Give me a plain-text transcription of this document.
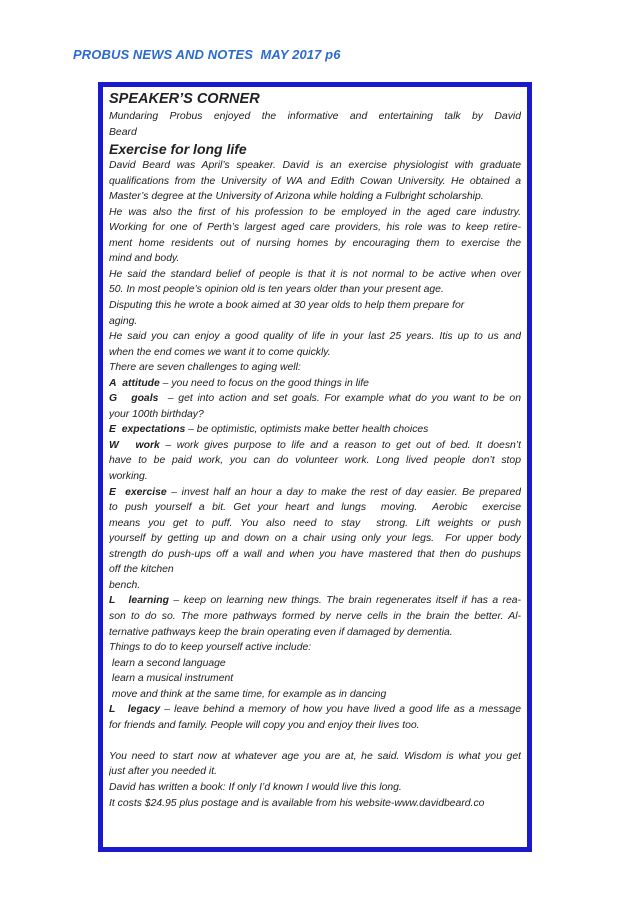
PROBUS NEWS AND NOTES  MAY 2017 p6
SPEAKER’S CORNER
Mundaring Probus enjoyed the informative and entertaining talk by David
Beard
Exercise for long life
David Beard was April’s speaker. David is an exercise physiologist with graduate
qualifications from the University of WA and Edith Cowan University. He obtained a
Master’s degree at the University of Arizona while holding a Fulbright scholarship.
He was also the first of his profession to be employed in the aged care industry.
Working for one of Perth’s largest aged care providers, his role was to keep retire-
ment home residents out of nursing homes by encouraging them to exercise the
mind and body.
He said the standard belief of people is that it is not normal to be active when over
50. In most people’s opinion old is ten years older than your present age.
Disputing this he wrote a book aimed at 30 year olds to help them prepare for
aging.
He said you can enjoy a good quality of life in your last 25 years. Itis up to us and
when the end comes we want it to come quickly.
There are seven challenges to aging well:
A  attitude – you need to focus on the good things in life
G   goals  – get into action and set goals. For example what do you want to be on
your 100th birthday?
E  expectations – be optimistic, optimists make better health choices
W   work – work gives purpose to life and a reason to get out of bed. It doesn’t
have to be paid work, you can do volunteer work. Long lived people don’t stop
working.
E  exercise – invest half an hour a day to make the rest of day easier. Be prepared
to push yourself a bit. Get your heart and lungs  moving.  Aerobic  exercise
means you get to puff. You also need to stay  strong. Lift weights or push
yourself by getting up and down on a chair using only your legs.  For upper body
strength do push-ups off a wall and when you have mastered that then do pushups
off the kitchen
bench.
L   learning – keep on learning new things. The brain regenerates itself if has a rea-
son to do so. The more pathways formed by nerve cells in the brain the better. Al-
ternative pathways keep the brain operating even if damaged by dementia.
Things to do to keep yourself active include:
learn a second language
learn a musical instrument
move and think at the same time, for example as in dancing
L   legacy – leave behind a memory of how you have lived a good life as a message
for friends and family. People will copy you and enjoy their lives too.

You need to start now at whatever age you are at, he said. Wisdom is what you get
just after you needed it.
David has written a book: If only I’d known I would live this long.
It costs $24.95 plus postage and is available from his website-www.davidbeard.co
